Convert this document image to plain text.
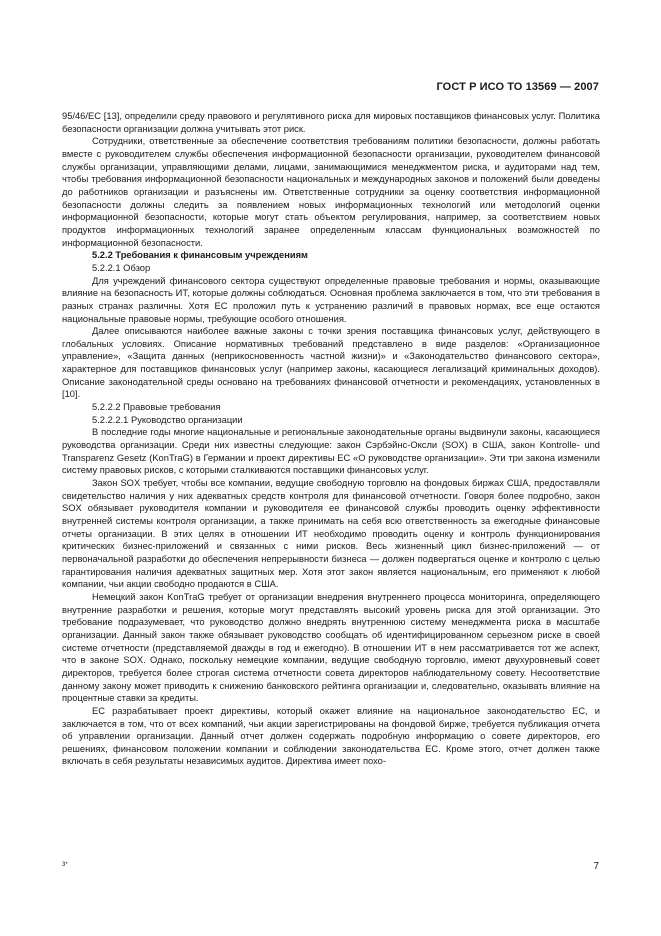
ГОСТ Р ИСО ТО 13569 — 2007

95/46/EC [13], определили среду правового и регулятивного риска для мировых поставщиков финансовых услуг. Политика безопасности организации должна учитывать этот риск.

Сотрудники, ответственные за обеспечение соответствия требованиям политики безопасности, должны работать вместе с руководителем службы обеспечения информационной безопасности организации, руководителем финансовой службы организации, управляющими делами, лицами, занимающимися менеджментом риска, и аудиторами над тем, чтобы требования информационной безопасности национальных и международных законов и положений были доведены до работников организации и разъяснены им. Ответственные сотрудники за оценку соответствия информационной безопасности должны следить за появлением новых информационных технологий или методологий оценки информационной безопасности, которые могут стать объектом регулирования, например, за соответствием новых продуктов информационных технологий заранее определенным классам функциональных возможностей по информационной безопасности.

5.2.2 Требования к финансовым учреждениям

5.2.2.1 Обзор

Для учреждений финансового сектора существуют определенные правовые требования и нормы, оказывающие влияние на безопасность ИТ, которые должны соблюдаться. Основная проблема заключается в том, что эти требования в разных странах различны. Хотя ЕС проложил путь к устранению различий в правовых нормах, все еще остаются национальные правовые нормы, требующие особого отношения.

Далее описываются наиболее важные законы с точки зрения поставщика финансовых услуг, действующего в глобальных условиях. Описание нормативных требований представлено в виде разделов: «Организационное управление», «Защита данных (неприкосновенность частной жизни)» и «Законодательство финансового сектора», характерное для поставщиков финансовых услуг (например законы, касающиеся легализаций криминальных доходов). Описание законодательной среды основано на требованиях финансовой отчетности и рекомендациях, установленных в [10].

5.2.2.2 Правовые требования

5.2.2.2.1 Руководство организации

В последние годы многие национальные и региональные законодательные органы выдвинули законы, касающиеся руководства организации. Среди них известны следующие: закон Сэрбэйнс-Оксли (SOX) в США, закон Kontrolle- und Transparenz Gesetz (KonTraG) в Германии и проект директивы ЕС «О руководстве организации». Эти три закона изменили систему правовых рисков, с которыми сталкиваются поставщики финансовых услуг.

Закон SOX требует, чтобы все компании, ведущие свободную торговлю на фондовых биржах США, предоставляли свидетельство наличия у них адекватных средств контроля для финансовой отчетности. Говоря более подробно, закон SOX обязывает руководителя компании и руководителя ее финансовой службы проводить оценку эффективности внутренней системы контроля организации, а также принимать на себя всю ответственность за ежегодные финансовые отчеты организации. В этих целях в отношении ИТ необходимо проводить оценку и контроль функционирования критических бизнес-приложений и связанных с ними рисков. Весь жизненный цикл бизнес-приложений — от первоначальной разработки до обеспечения непрерывности бизнеса — должен подвергаться оценке и контролю с целью гарантирования наличия адекватных защитных мер. Хотя этот закон является национальным, его применяют к любой компании, чьи акции свободно продаются в США.

Немецкий закон KonTraG требует от организации внедрения внутреннего процесса мониторинга, определяющего внутренние разработки и решения, которые могут представлять высокий уровень риска для этой организации. Это требование подразумевает, что руководство должно внедрять внутреннюю систему менеджмента риска в масштабе организации. Данный закон также обязывает руководство сообщать об идентифицированном серьезном риске в своей системе отчетности (представляемой дважды в год и ежегодно). В отношении ИТ в нем рассматривается тот же аспект, что в законе SOX. Однако, поскольку немецкие компании, ведущие свободную торговлю, имеют двухуровневый совет директоров, требуется более строгая система отчетности совета директоров наблюдательному совету. Несоответствие данному закону может приводить к снижению банковского рейтинга организации и, следовательно, оказывать влияние на процентные ставки за кредиты.

ЕС разрабатывает проект директивы, который окажет влияние на национальное законодательство ЕС, и заключается в том, что от всех компаний, чьи акции зарегистрированы на фондовой бирже, требуется публикация отчета об управлении организации. Данный отчет должен содержать подробную информацию о совете директоров, его решениях, финансовом положении компании и соблюдении законодательства ЕС. Кроме этого, отчет должен также включать в себя результаты независимых аудитов. Директива имеет похо-

3*	7
